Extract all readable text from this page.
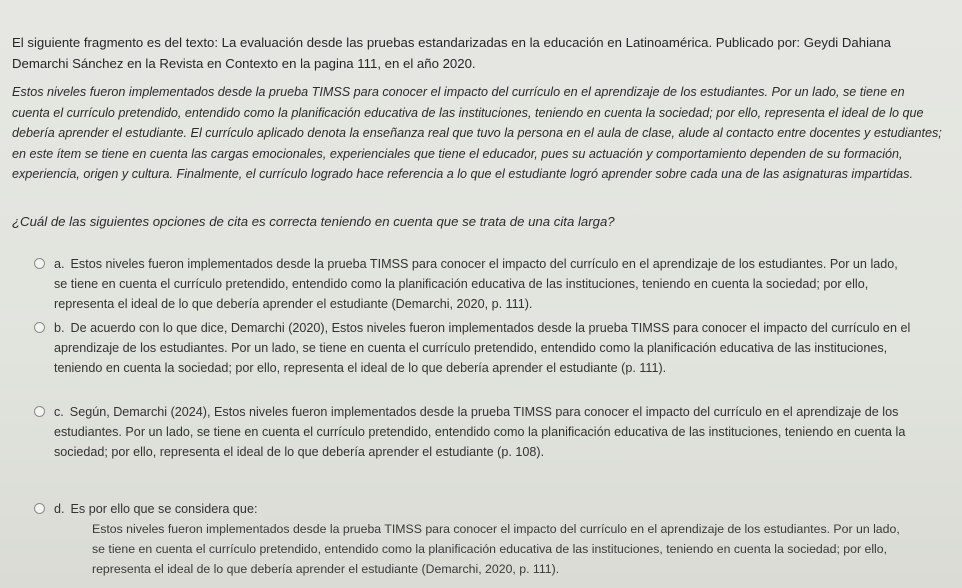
El siguiente fragmento es del texto: La evaluación desde las pruebas estandarizadas en la educación en Latinoamérica. Publicado por: Geydi Dahiana Demarchi Sánchez en la Revista en Contexto en la pagina 111, en el año 2020.
Estos niveles fueron implementados desde la prueba TIMSS para conocer el impacto del currículo en el aprendizaje de los estudiantes. Por un lado, se tiene en cuenta el currículo pretendido, entendido como la planificación educativa de las instituciones, teniendo en cuenta la sociedad; por ello, representa el ideal de lo que debería aprender el estudiante. El currículo aplicado denota la enseñanza real que tuvo la persona en el aula de clase, alude al contacto entre docentes y estudiantes; en este ítem se tiene en cuenta las cargas emocionales, experienciales que tiene el educador, pues su actuación y comportamiento dependen de su formación, experiencia, origen y cultura. Finalmente, el currículo logrado hace referencia a lo que el estudiante logró aprender sobre cada una de las asignaturas impartidas.
¿Cuál de las siguientes opciones de cita es correcta teniendo en cuenta que se trata de una cita larga?
a. Estos niveles fueron implementados desde la prueba TIMSS para conocer el impacto del currículo en el aprendizaje de los estudiantes. Por un lado, se tiene en cuenta el currículo pretendido, entendido como la planificación educativa de las instituciones, teniendo en cuenta la sociedad; por ello, representa el ideal de lo que debería aprender el estudiante (Demarchi, 2020, p. 111).
b. De acuerdo con lo que dice, Demarchi (2020), Estos niveles fueron implementados desde la prueba TIMSS para conocer el impacto del currículo en el aprendizaje de los estudiantes. Por un lado, se tiene en cuenta el currículo pretendido, entendido como la planificación educativa de las instituciones, teniendo en cuenta la sociedad; por ello, representa el ideal de lo que debería aprender el estudiante (p. 111).
c. Según, Demarchi (2024), Estos niveles fueron implementados desde la prueba TIMSS para conocer el impacto del currículo en el aprendizaje de los estudiantes. Por un lado, se tiene en cuenta el currículo pretendido, entendido como la planificación educativa de las instituciones, teniendo en cuenta la sociedad; por ello, representa el ideal de lo que debería aprender el estudiante (p. 108).
d. Es por ello que se considera que:
Estos niveles fueron implementados desde la prueba TIMSS para conocer el impacto del currículo en el aprendizaje de los estudiantes. Por un lado, se tiene en cuenta el currículo pretendido, entendido como la planificación educativa de las instituciones, teniendo en cuenta la sociedad; por ello, representa el ideal de lo que debería aprender el estudiante (Demarchi, 2020, p. 111).
